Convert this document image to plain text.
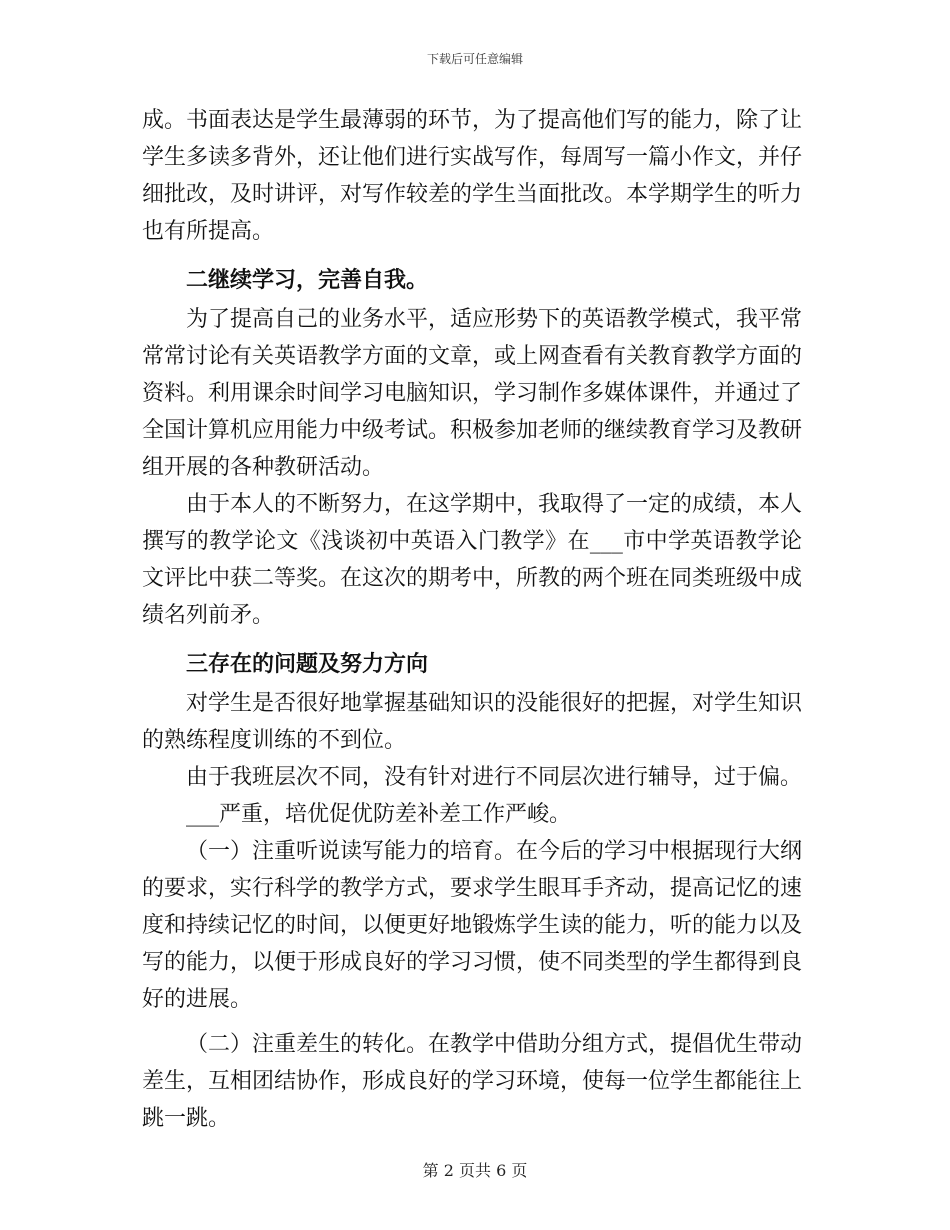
下载后可任意编辑

成。书面表达是学生最薄弱的环节，为了提高他们写的能力，除了让学生多读多背外，还让他们进行实战写作，每周写一篇小作文，并仔细批改，及时讲评，对写作较差的学生当面批改。本学期学生的听力也有所提高。

二继续学习，完善自我。

为了提高自己的业务水平，适应形势下的英语教学模式，我平常常常讨论有关英语教学方面的文章，或上网查看有关教育教学方面的资料。利用课余时间学习电脑知识，学习制作多媒体课件，并通过了全国计算机应用能力中级考试。积极参加老师的继续教育学习及教研组开展的各种教研活动。

由于本人的不断努力，在这学期中，我取得了一定的成绩，本人撰写的教学论文《浅谈初中英语入门教学》在___市中学英语教学论文评比中获二等奖。在这次的期考中，所教的两个班在同类班级中成绩名列前矛。

三存在的问题及努力方向

对学生是否很好地掌握基础知识的没能很好的把握，对学生知识的熟练程度训练的不到位。

由于我班层次不同，没有针对进行不同层次进行辅导，过于偏。

___严重，培优促优防差补差工作严峻。

（一）注重听说读写能力的培育。在今后的学习中根据现行大纲的要求，实行科学的教学方式，要求学生眼耳手齐动，提高记忆的速度和持续记忆的时间，以便更好地锻炼学生读的能力，听的能力以及写的能力，以便于形成良好的学习习惯，使不同类型的学生都得到良好的进展。

（二）注重差生的转化。在教学中借助分组方式，提倡优生带动差生，互相团结协作，形成良好的学习环境，使每一位学生都能往上跳一跳。

第 2 页共 6 页
